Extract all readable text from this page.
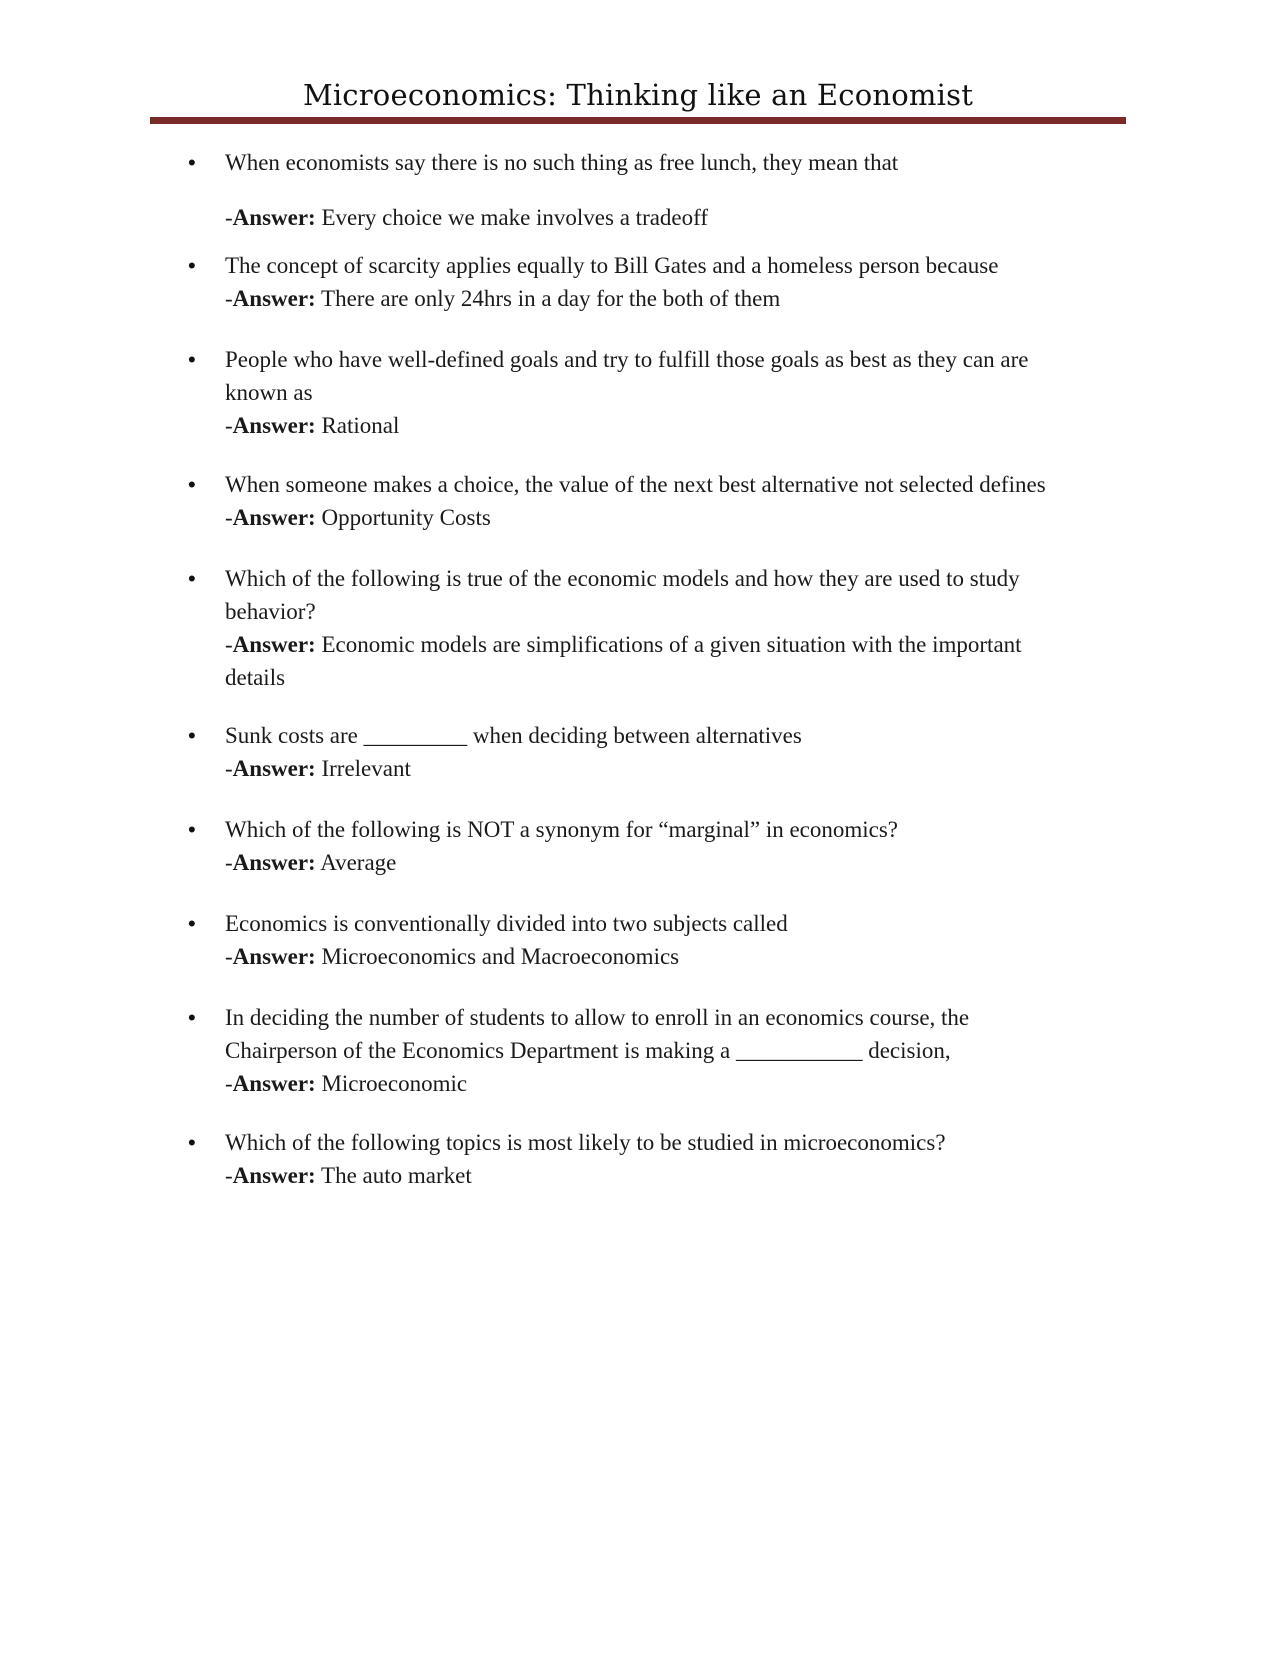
Microeconomics: Thinking like an Economist
•	When economists say there is no such thing as free lunch, they mean that
-Answer: Every choice we make involves a tradeoff
•	The concept of scarcity applies equally to Bill Gates and a homeless person because
-Answer: There are only 24hrs in a day for the both of them
•	People who have well-defined goals and try to fulfill those goals as best as they can are
known as
-Answer: Rational
•	When someone makes a choice, the value of the next best alternative not selected defines
-Answer: Opportunity Costs
•	Which of the following is true of the economic models and how they are used to study
behavior?
-Answer: Economic models are simplifications of a given situation with the important
details
•	Sunk costs are _________ when deciding between alternatives
-Answer: Irrelevant
•	Which of the following is NOT a synonym for “marginal” in economics?
-Answer: Average
•	Economics is conventionally divided into two subjects called
-Answer: Microeconomics and Macroeconomics
•	In deciding the number of students to allow to enroll in an economics course, the
Chairperson of the Economics Department is making a ___________ decision,
-Answer: Microeconomic
•	Which of the following topics is most likely to be studied in microeconomics?
-Answer: The auto market
